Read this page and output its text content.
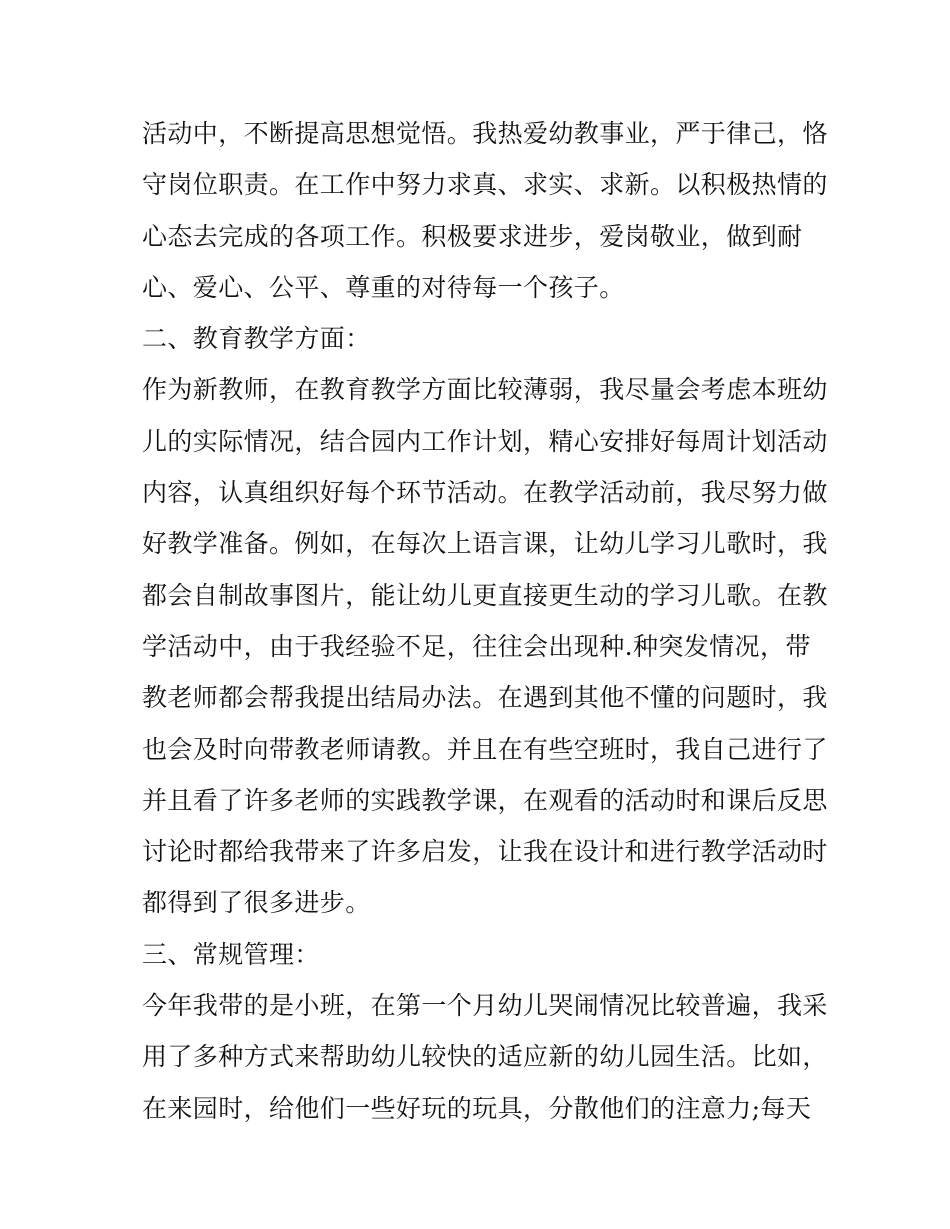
活动中，不断提高思想觉悟。我热爱幼教事业，严于律己，恪
守岗位职责。在工作中努力求真、求实、求新。以积极热情的
心态去完成的各项工作。积极要求进步，爱岗敬业，做到耐
心、爱心、公平、尊重的对待每一个孩子。
二、教育教学方面：
作为新教师，在教育教学方面比较薄弱，我尽量会考虑本班幼
儿的实际情况，结合园内工作计划，精心安排好每周计划活动
内容，认真组织好每个环节活动。在教学活动前，我尽努力做
好教学准备。例如，在每次上语言课，让幼儿学习儿歌时，我
都会自制故事图片，能让幼儿更直接更生动的学习儿歌。在教
学活动中，由于我经验不足，往往会出现种.种突发情况，带
教老师都会帮我提出结局办法。在遇到其他不懂的问题时，我
也会及时向带教老师请教。并且在有些空班时，我自己进行了
并且看了许多老师的实践教学课，在观看的活动时和课后反思
讨论时都给我带来了许多启发，让我在设计和进行教学活动时
都得到了很多进步。
三、常规管理：
今年我带的是小班，在第一个月幼儿哭闹情况比较普遍，我采
用了多种方式来帮助幼儿较快的适应新的幼儿园生活。比如，
在来园时，给他们一些好玩的玩具，分散他们的注意力;每天
